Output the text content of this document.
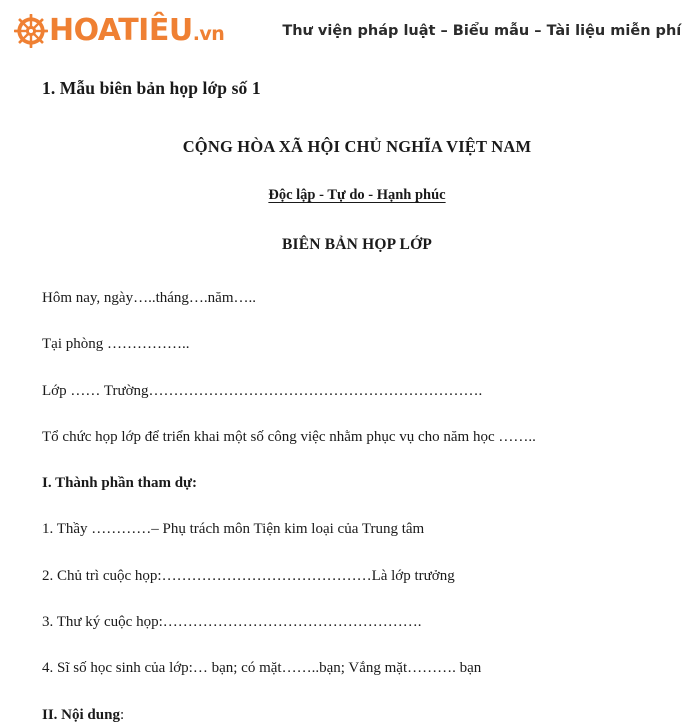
HOATIÊU.vn	Thư viện pháp luật – Biểu mẫu – Tài liệu miễn phí
1. Mẫu biên bản họp lớp số 1
CỘNG HÒA XÃ HỘI CHỦ NGHĨA VIỆT NAM
Độc lập - Tự do - Hạnh phúc
BIÊN BẢN HỌP LỚP

Hôm nay, ngày…..tháng….năm…..

Tại phòng ……………..

Lớp …… Trường………………………………………………………….

Tổ chức họp lớp để triển khai một số công việc nhằm phục vụ cho năm học ……..

I. Thành phần tham dự:

1. Thầy …………– Phụ trách môn Tiện kim loại của Trung tâm

2. Chủ trì cuộc họp:……………………………………Là lớp trưởng

3. Thư ký cuộc họp:…………………………………………….

4. Sĩ số học sinh của lớp:… bạn; có mặt……..bạn; Vắng mặt………. bạn

II. Nội dung:
